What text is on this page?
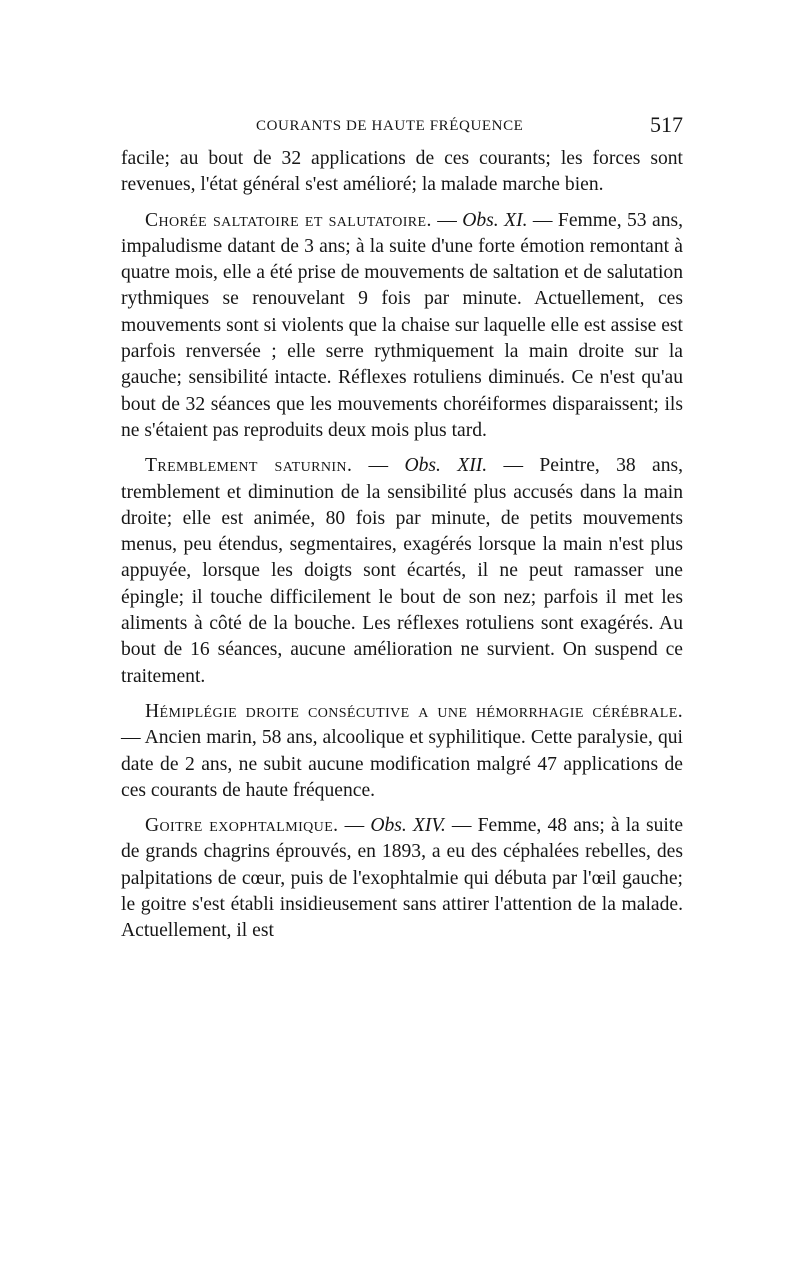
COURANTS DE HAUTE FRÉQUENCE	517

facile; au bout de 32 applications de ces courants; les forces sont revenues, l'état général s'est amélioré; la malade marche bien.

Chorée saltatoire et salutatoire. — Obs. XI. — Femme, 53 ans, impaludisme datant de 3 ans; à la suite d'une forte émotion remontant à quatre mois, elle a été prise de mouvements de saltation et de salutation rythmiques se renouvelant 9 fois par minute. Actuellement, ces mouvements sont si violents que la chaise sur laquelle elle est assise est parfois renversée ; elle serre rythmiquement la main droite sur la gauche; sensibilité intacte. Réflexes rotuliens diminués. Ce n'est qu'au bout de 32 séances que les mouvements choréiformes disparaissent; ils ne s'étaient pas reproduits deux mois plus tard.

Tremblement saturnin. — Obs. XII. — Peintre, 38 ans, tremblement et diminution de la sensibilité plus accusés dans la main droite; elle est animée, 80 fois par minute, de petits mouvements menus, peu étendus, segmentaires, exagérés lorsque la main n'est plus appuyée, lorsque les doigts sont écartés, il ne peut ramasser une épingle; il touche difficilement le bout de son nez; parfois il met les aliments à côté de la bouche. Les réflexes rotuliens sont exagérés. Au bout de 16 séances, aucune amélioration ne survient. On suspend ce traitement.

Hémiplégie droite consécutive a une hémorrhagie cérébrale. — Ancien marin, 58 ans, alcoolique et syphilitique. Cette paralysie, qui date de 2 ans, ne subit aucune modification malgré 47 applications de ces courants de haute fréquence.

Goitre exophtalmique. — Obs. XIV. — Femme, 48 ans; à la suite de grands chagrins éprouvés, en 1893, a eu des céphalées rebelles, des palpitations de cœur, puis de l'exophtalmie qui débuta par l'œil gauche; le goitre s'est établi insidieusement sans attirer l'attention de la malade. Actuellement, il est
